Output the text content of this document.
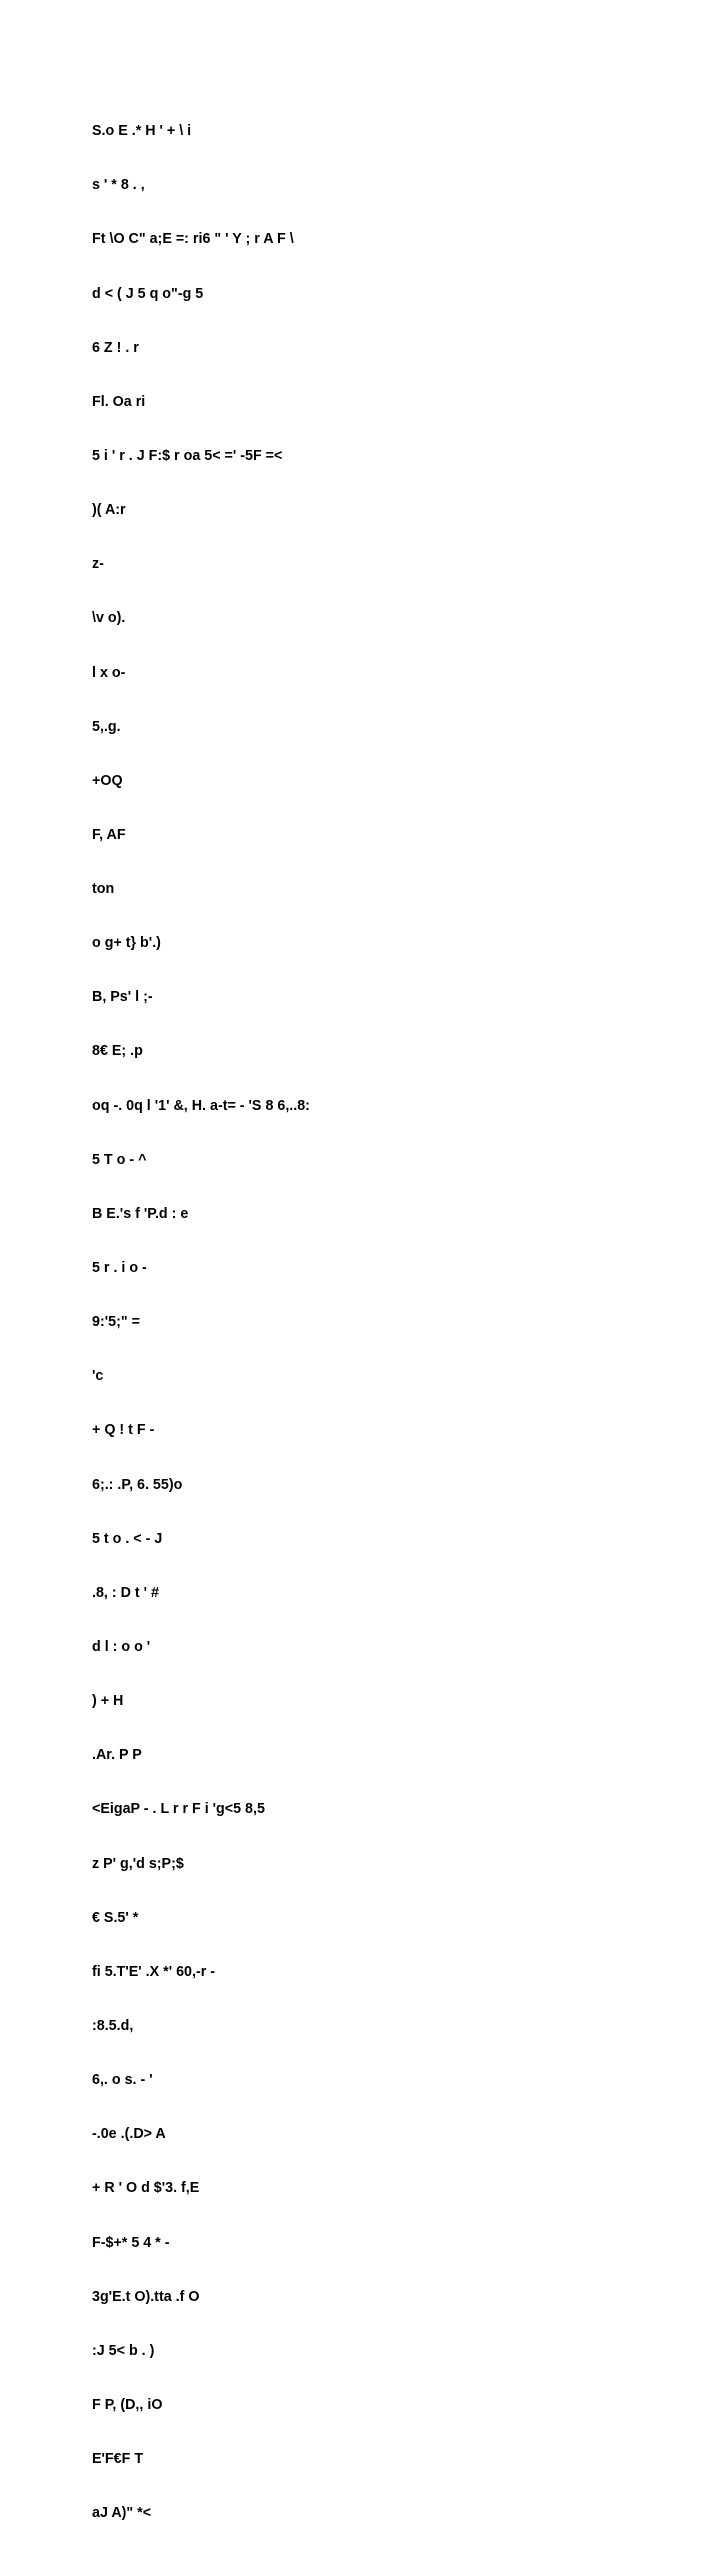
S.o E .* H ' + \ i

s ' * 8 . ,

Ft \O C" a;E =: ri6 " ' Y ; r A F \

d < ( J 5 q o"-g 5

6 Z ! . r

Fl. Oa ri

5 i ' r . J F:$ r oa 5< =' -5F =<

)( A:r

z-

\v o).

l x o-

5,.g.

+OQ

F, AF

ton

o g+ t} b'.)

B, Ps' l ;-

8€ E; .p

oq -. 0q l '1' &, H. a-t= - 'S 8 6,..8:

5 T o - ^

B E.'s f 'P.d : e

5 r . i o -

9:'5;" =

'c

+ Q ! t F -

6;.: .P, 6. 55)o

5 t o . < - J

.8, : D t ' #

d l : o o '

) + H

.Ar. P P

<EigaP - . L r r F i 'g<5 8,5

z P' g,'d s;P;$

€ S.5' *

fi 5.T'E' .X *' 60,-r -

:8.5.d,

6,. o s. - '

-.0e .(.D> A

+ R ' O d $'3. f,E

F-$+* 5 4 * -

3g'E.t O).tta .f O

:J 5< b . )

F P, (D,, iO

E'F€F T

aJ A)" *<
